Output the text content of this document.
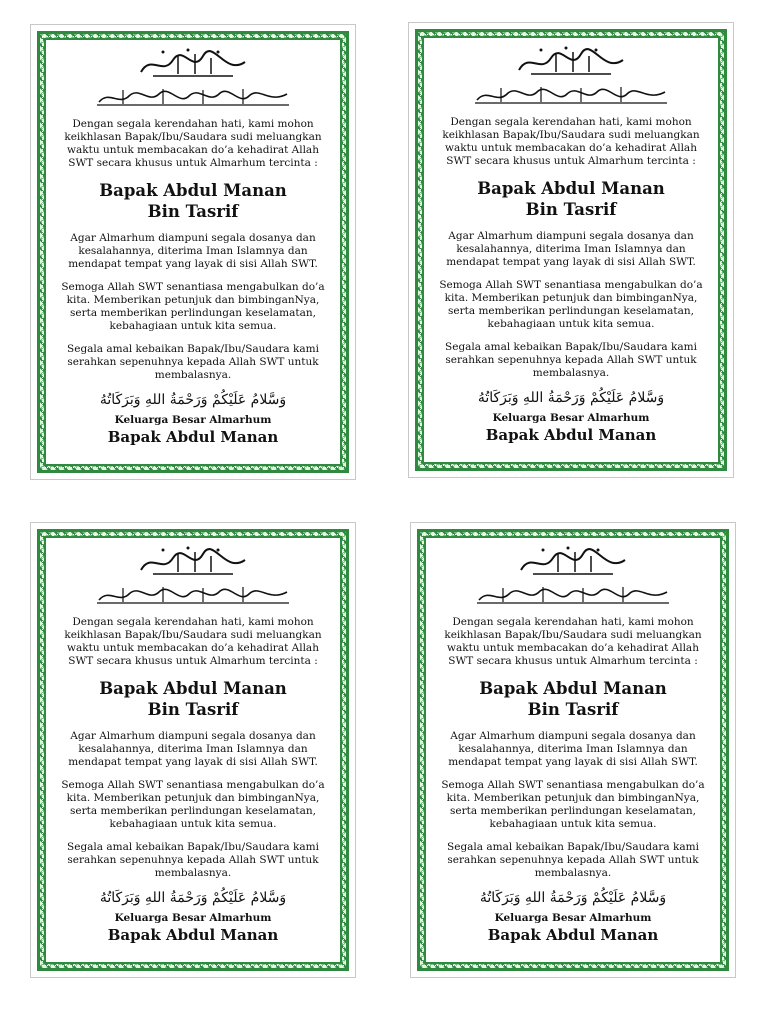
Dengan segala kerendahan hati, kami mohon keikhlasan Bapak/Ibu/Saudara sudi meluangkan waktu untuk membacakan do’a kehadirat Allah SWT secara khusus untuk Almarhum tercinta :
Bapak Abdul Manan
Bin Tasrif
Agar Almarhum diampuni segala dosanya dan kesalahannya, diterima Iman Islamnya dan mendapat tempat yang layak di sisi Allah SWT.
Semoga Allah SWT senantiasa mengabulkan do’a kita. Memberikan petunjuk dan bimbinganNya, serta memberikan perlindungan keselamatan, kebahagiaan untuk kita semua.
Segala amal kebaikan Bapak/Ibu/Saudara kami serahkan sepenuhnya kepada Allah SWT untuk membalasnya.
وَسَّلامُ عَلَيْكُمْ وَرَحْمَةُ اللهِ وَبَرَكَاتُهُ
Keluarga Besar Almarhum
Bapak Abdul Manan

Dengan segala kerendahan hati, kami mohon keikhlasan Bapak/Ibu/Saudara sudi meluangkan waktu untuk membacakan do’a kehadirat Allah SWT secara khusus untuk Almarhum tercinta :
Bapak Abdul Manan
Bin Tasrif
Agar Almarhum diampuni segala dosanya dan kesalahannya, diterima Iman Islamnya dan mendapat tempat yang layak di sisi Allah SWT.
Semoga Allah SWT senantiasa mengabulkan do’a kita. Memberikan petunjuk dan bimbinganNya, serta memberikan perlindungan keselamatan, kebahagiaan untuk kita semua.
Segala amal kebaikan Bapak/Ibu/Saudara kami serahkan sepenuhnya kepada Allah SWT untuk membalasnya.
وَسَّلامُ عَلَيْكُمْ وَرَحْمَةُ اللهِ وَبَرَكَاتُهُ
Keluarga Besar Almarhum
Bapak Abdul Manan

Dengan segala kerendahan hati, kami mohon keikhlasan Bapak/Ibu/Saudara sudi meluangkan waktu untuk membacakan do’a kehadirat Allah SWT secara khusus untuk Almarhum tercinta :
Bapak Abdul Manan
Bin Tasrif
Agar Almarhum diampuni segala dosanya dan kesalahannya, diterima Iman Islamnya dan mendapat tempat yang layak di sisi Allah SWT.
Semoga Allah SWT senantiasa mengabulkan do’a kita. Memberikan petunjuk dan bimbinganNya, serta memberikan perlindungan keselamatan, kebahagiaan untuk kita semua.
Segala amal kebaikan Bapak/Ibu/Saudara kami serahkan sepenuhnya kepada Allah SWT untuk membalasnya.
وَسَّلامُ عَلَيْكُمْ وَرَحْمَةُ اللهِ وَبَرَكَاتُهُ
Keluarga Besar Almarhum
Bapak Abdul Manan

Dengan segala kerendahan hati, kami mohon keikhlasan Bapak/Ibu/Saudara sudi meluangkan waktu untuk membacakan do’a kehadirat Allah SWT secara khusus untuk Almarhum tercinta :
Bapak Abdul Manan
Bin Tasrif
Agar Almarhum diampuni segala dosanya dan kesalahannya, diterima Iman Islamnya dan mendapat tempat yang layak di sisi Allah SWT.
Semoga Allah SWT senantiasa mengabulkan do’a kita. Memberikan petunjuk dan bimbinganNya, serta memberikan perlindungan keselamatan, kebahagiaan untuk kita semua.
Segala amal kebaikan Bapak/Ibu/Saudara kami serahkan sepenuhnya kepada Allah SWT untuk membalasnya.
وَسَّلامُ عَلَيْكُمْ وَرَحْمَةُ اللهِ وَبَرَكَاتُهُ
Keluarga Besar Almarhum
Bapak Abdul Manan
